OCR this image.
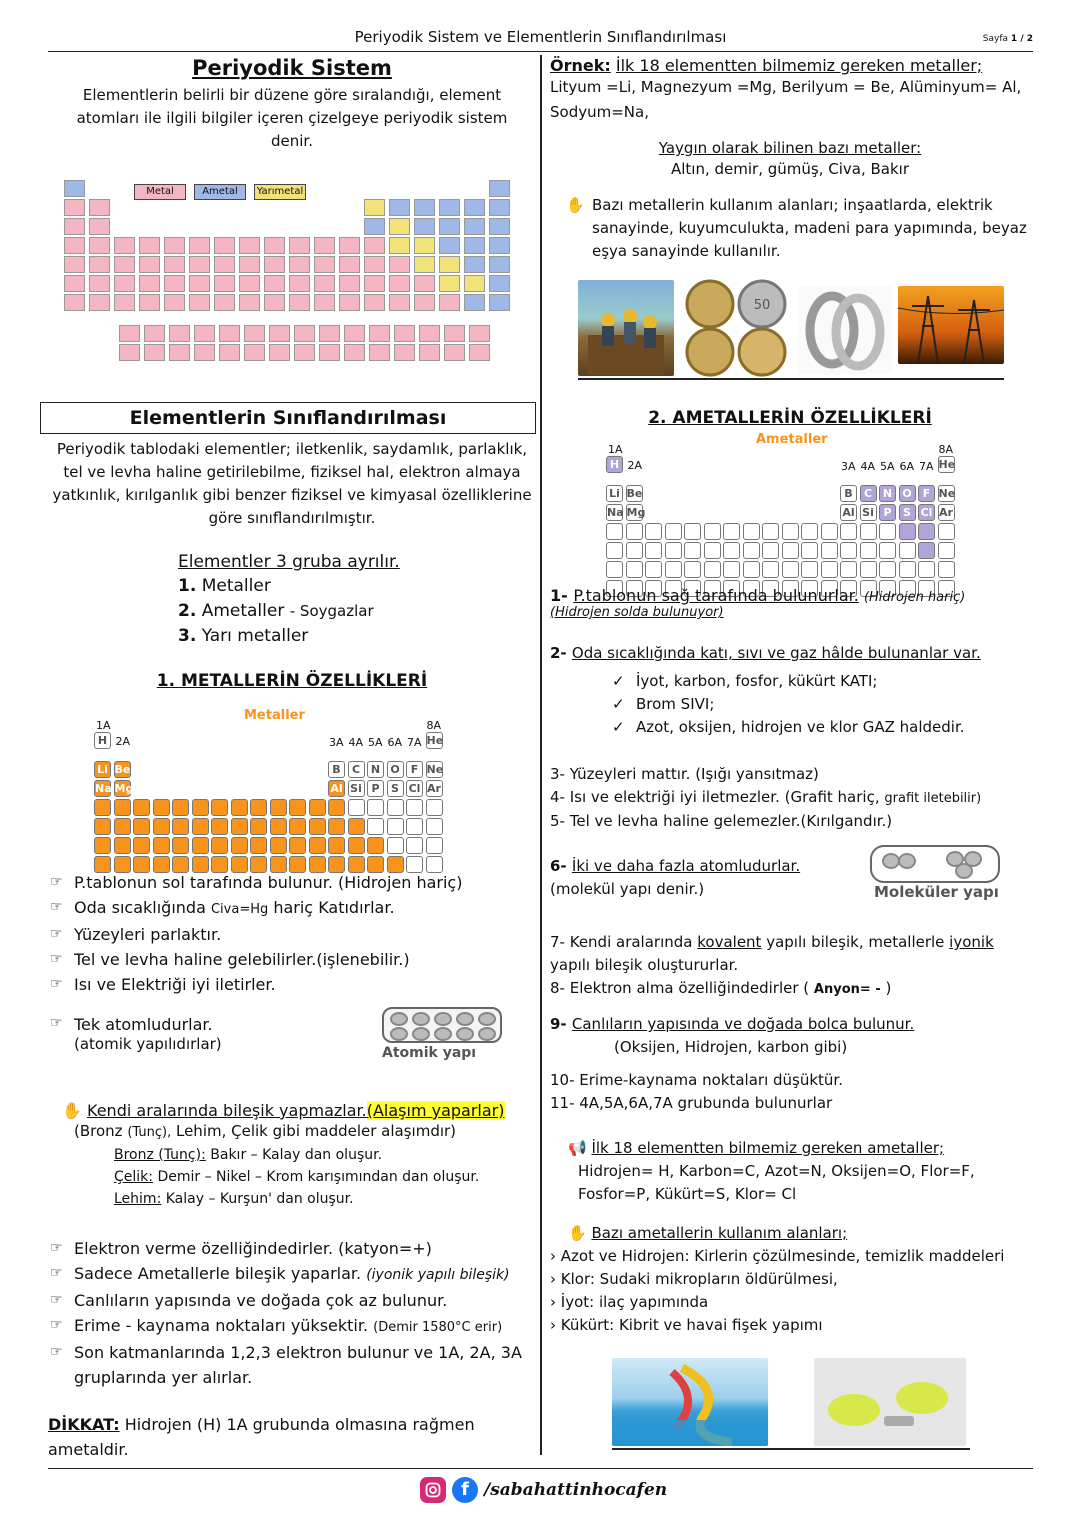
Periyodik Sistem ve Elementlerin Sınıflandırılması	Sayfa 1 / 2
Periyodik Sistem
Elementlerin belirli bir düzene göre sıralandığı, element atomları ile ilgili bilgiler içeren çizelgeye periyodik sistem denir.
Metal	Ametal	Yarımetal
Elementlerin Sınıflandırılması
Periyodik tablodaki elementler; iletkenlik, saydamlık, parlaklık, tel ve levha haline getirilebilme, fiziksel hal, elektron almaya yatkınlık, kırılganlık gibi benzer fiziksel ve kimyasal özelliklerine göre sınıflandırılmıştır.
Elementler 3 gruba ayrılır.
1. Metaller
2. Ametaller - Soygazlar
3. Yarı metaller
1. METALLERİN ÖZELLİKLERİ
Metaller
1A
2A	3A 4A 5A 6A 7A
8A
H	He
Li Be	B	C N O	F Ne
Na Mg	Al Si P	S Cl Ar
☞ P.tablonun sol tarafında bulunur. (Hidrojen hariç)
☞ Oda sıcaklığında Civa=Hg hariç Katıdırlar.
☞ Yüzeyleri parlaktır.
☞ Tel ve levha haline gelebilirler.(işlenebilir.)
☞ Isı ve Elektriği iyi iletirler.
☞ Tek atomludurlar.
(atomik yapılıdırlar)	Atomik yapı
✋ Kendi aralarında bileşik yapmazlar.(Alaşım yaparlar)
(Bronz (Tunç), Lehim, Çelik gibi maddeler alaşımdır)
Bronz (Tunç): Bakır – Kalay dan oluşur.
Çelik: Demir – Nikel – Krom karışımından dan oluşur.
Lehim: Kalay – Kurşun' dan oluşur.
☞ Elektron verme özelliğindedirler. (katyon=+)
☞ Sadece Ametallerle bileşik yaparlar. (iyonik yapılı bileşik)
☞ Canlıların yapısında ve doğada çok az bulunur.
☞ Erime - kaynama noktaları yüksektir. (Demir 1580°C erir)
☞ Son katmanlarında 1,2,3 elektron bulunur ve 1A, 2A, 3A gruplarında yer alırlar.
DİKKAT: Hidrojen (H) 1A grubunda olmasına rağmen ametaldir.
Örnek: İlk 18 elementten bilmemiz gereken metaller;
Lityum =Li, Magnezyum =Mg, Berilyum = Be, Alüminyum= Al, Sodyum=Na,
Yaygın olarak bilinen bazı metaller:
Altın, demir, gümüş, Civa, Bakır
✋ Bazı metallerin kullanım alanları; inşaatlarda, elektrik sanayinde, kuyumculukta, madeni para yapımında, beyaz eşya sanayinde kullanılır.
50
2. AMETALLERİN ÖZELLİKLERİ
Ametaller
1A
2A	3A 4A 5A 6A 7A
8A
H	He
Li Be	B	C N O	F Ne
Na Mg	Al Si P	S Cl Ar
1- P.tablonun sağ tarafında bulunurlar. (Hidrojen hariç)
(Hidrojen solda bulunuyor)
2- Oda sıcaklığında katı, sıvı ve gaz hâlde bulunanlar var.
✓ İyot, karbon, fosfor, kükürt KATI;
✓ Brom SIVI;
✓ Azot, oksijen, hidrojen ve klor GAZ haldedir.
3- Yüzeyleri mattır. (Işığı yansıtmaz)
4- Isı ve elektriği iyi iletmezler. (Grafit hariç, grafit iletebilir)
5- Tel ve levha haline gelemezler.(Kırılgandır.)
6- İki ve daha fazla atomludurlar.
(molekül yapı denir.)	Moleküler yapı
7- Kendi aralarında kovalent yapılı bileşik, metallerle iyonik yapılı bileşik oluştururlar.
8- Elektron alma özelliğindedirler ( Anyon= - )
9- Canlıların yapısında ve doğada bolca bulunur.
(Oksijen, Hidrojen, karbon gibi)
10- Erime-kaynama noktaları düşüktür.
11- 4A,5A,6A,7A grubunda bulunurlar
📢 İlk 18 elementten bilmemiz gereken ametaller;
Hidrojen= H, Karbon=C, Azot=N, Oksijen=O, Flor=F, Fosfor=P, Kükürt=S, Klor= Cl
✋ Bazı ametallerin kullanım alanları;
› Azot ve Hidrojen: Kirlerin çözülmesinde, temizlik maddeleri
› Klor: Sudaki mikropların öldürülmesi,
› İyot: ilaç yapımında
› Kükürt: Kibrit ve havai fişek yapımı
f /sabahattinhocafen
